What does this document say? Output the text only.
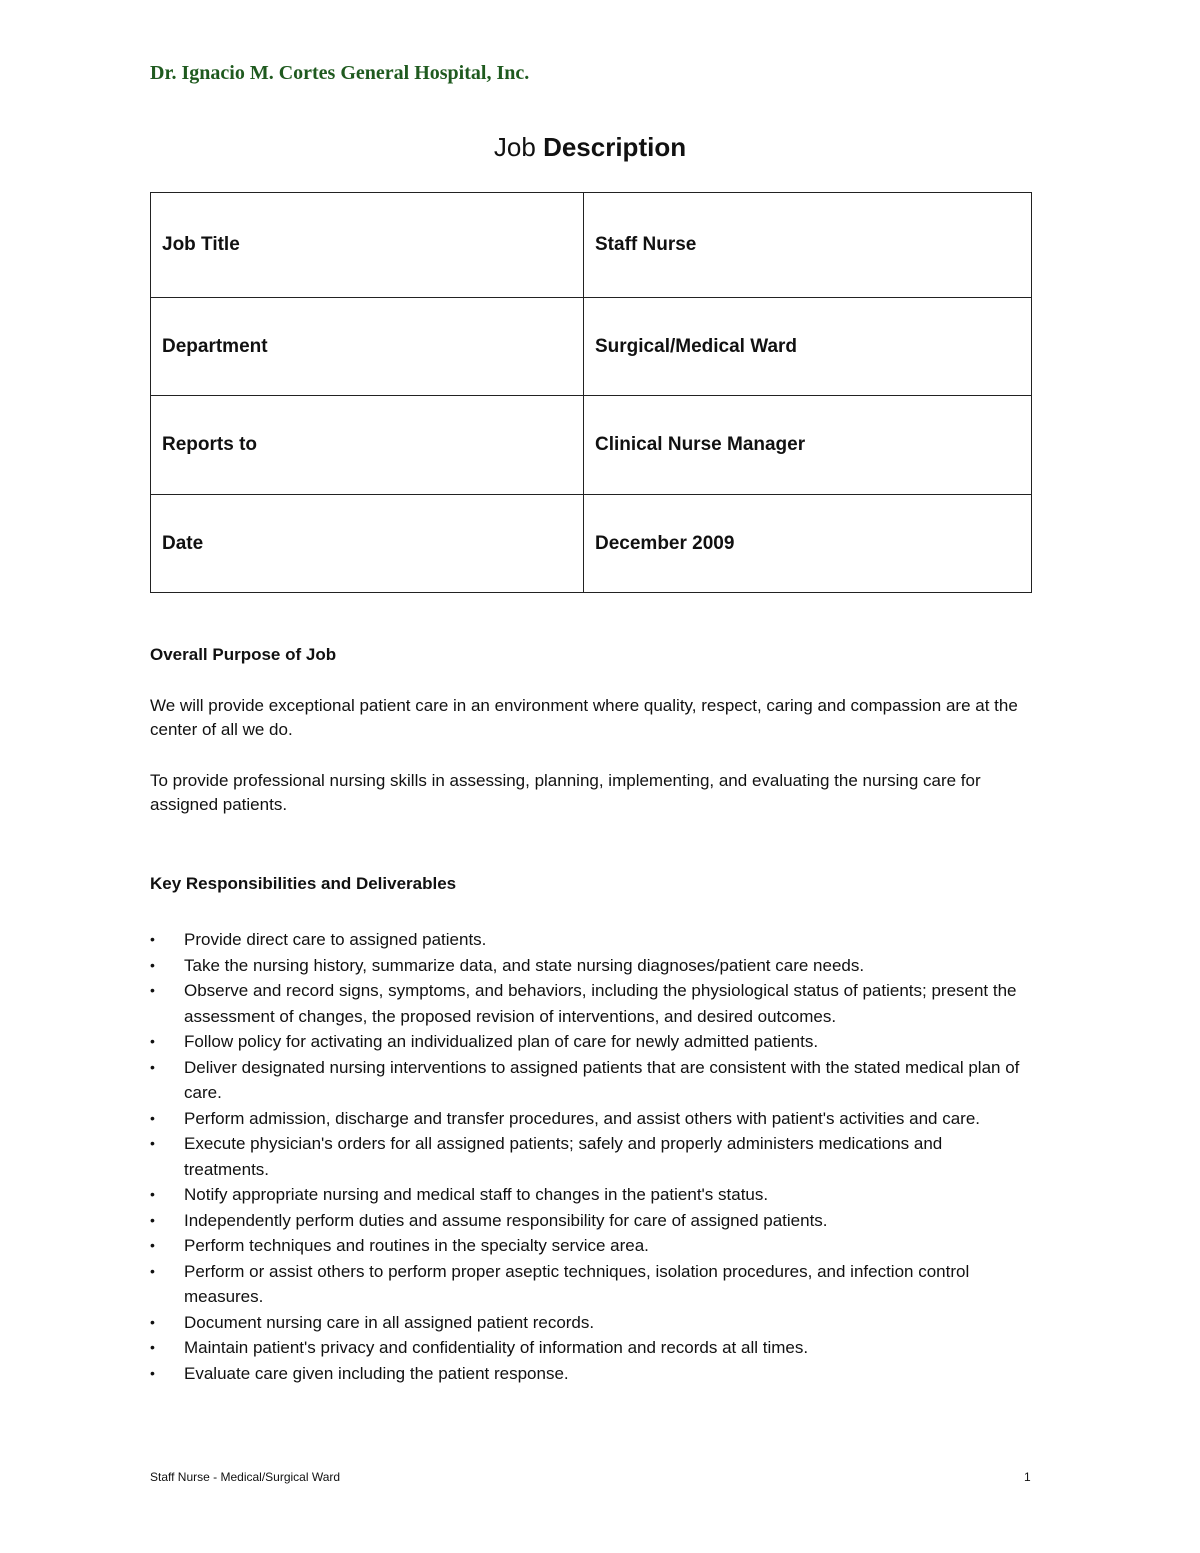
Dr. Ignacio M. Cortes General Hospital, Inc.
Job Description
Job Title	Staff Nurse
Department	Surgical/Medical Ward
Reports to	Clinical Nurse Manager
Date	December 2009
Overall Purpose of Job
We will provide exceptional patient care in an environment where quality, respect, caring and compassion are at the center of all we do.
To provide professional nursing skills in assessing, planning, implementing, and evaluating the nursing care for assigned patients.
Key Responsibilities and Deliverables
• Provide direct care to assigned patients.
• Take the nursing history, summarize data, and state nursing diagnoses/patient care needs.
• Observe and record signs, symptoms, and behaviors, including the physiological status of patients; present the assessment of changes, the proposed revision of interventions, and desired outcomes.
• Follow policy for activating an individualized plan of care for newly admitted patients.
• Deliver designated nursing interventions to assigned patients that are consistent with the stated medical plan of care.
• Perform admission, discharge and transfer procedures, and assist others with patient's activities and care.
• Execute physician's orders for all assigned patients; safely and properly administers medications and treatments.
• Notify appropriate nursing and medical staff to changes in the patient's status.
• Independently perform duties and assume responsibility for care of assigned patients.
• Perform techniques and routines in the specialty service area.
• Perform or assist others to perform proper aseptic techniques, isolation procedures, and infection control measures.
• Document nursing care in all assigned patient records.
• Maintain patient's privacy and confidentiality of information and records at all times.
• Evaluate care given including the patient response.
Staff Nurse - Medical/Surgical Ward	1
